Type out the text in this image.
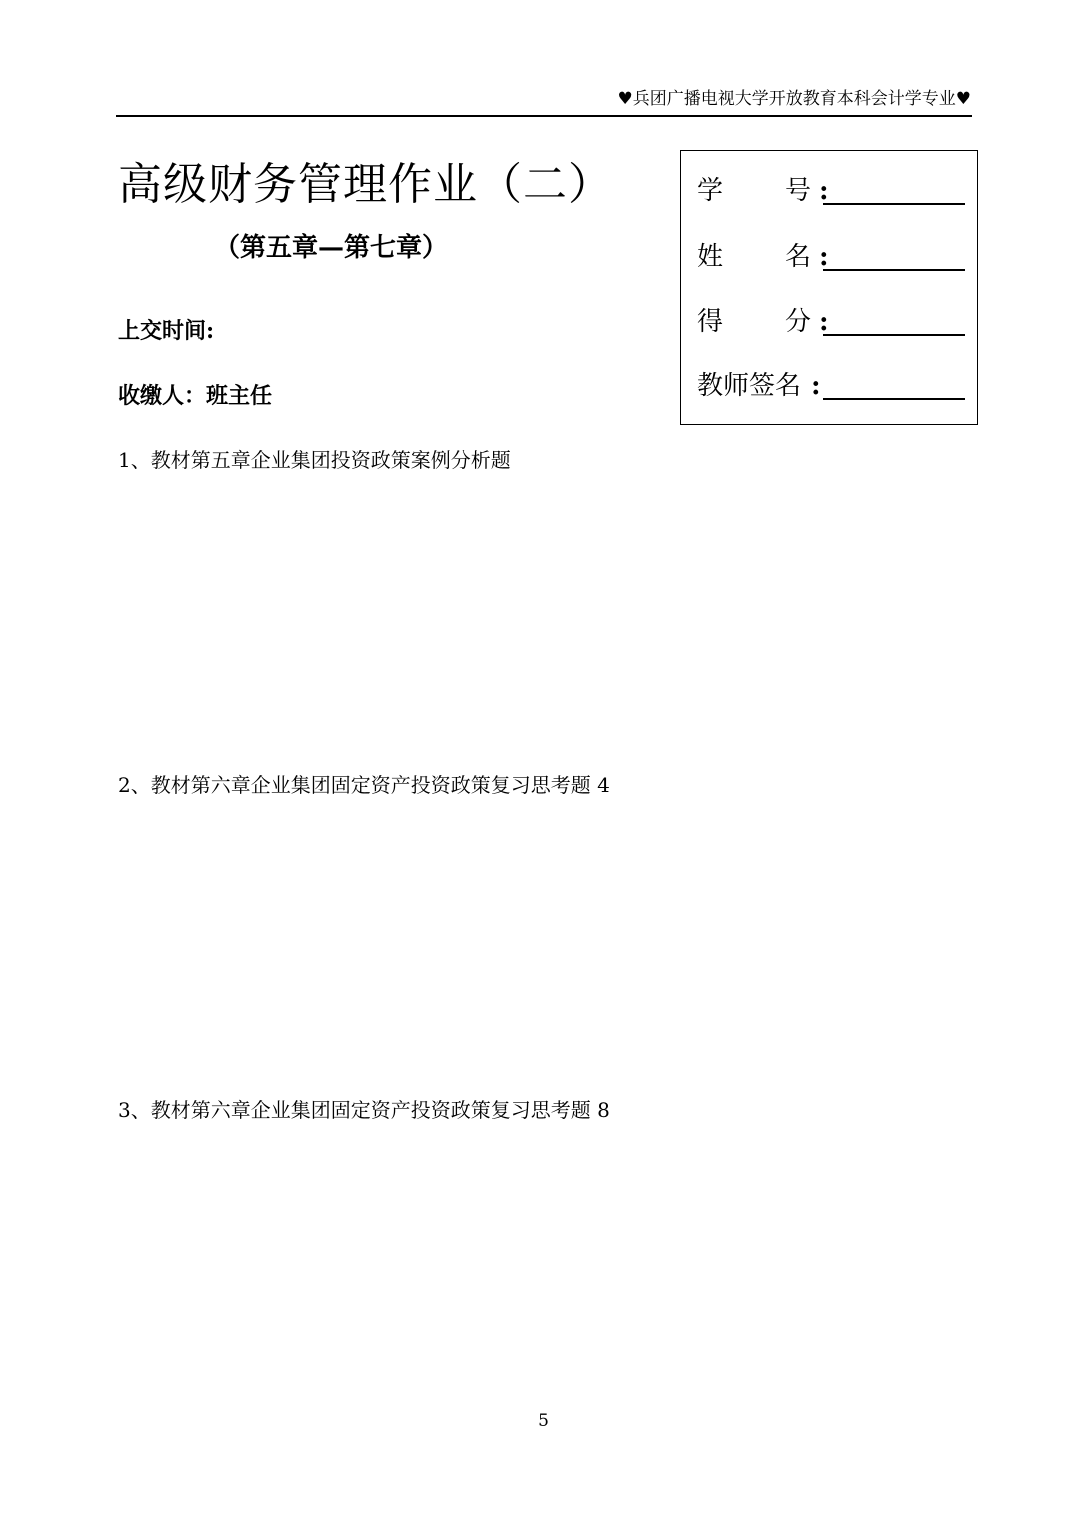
♥兵团广播电视大学开放教育本科会计学专业♥
高级财务管理作业（二）
（第五章—第七章）
上交时间:
收缴人：班主任
学 号 :
姓 名 :
得 分 :
教师签名 :
1、教材第五章企业集团投资政策案例分析题
2、教材第六章企业集团固定资产投资政策复习思考题 4
3、教材第六章企业集团固定资产投资政策复习思考题 8
5
